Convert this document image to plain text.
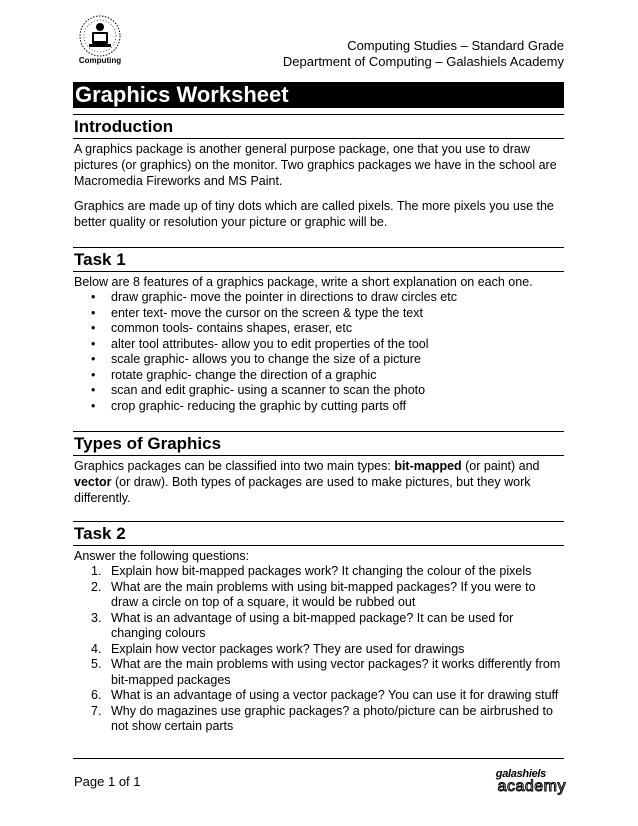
Computing
Computing Studies – Standard Grade
Department of Computing – Galashiels Academy
Graphics Worksheet
Introduction

A graphics package is another general purpose package, one that you use to draw pictures (or graphics) on the monitor. Two graphics packages we have in the school are Macromedia Fireworks and MS Paint.

Graphics are made up of tiny dots which are called pixels. The more pixels you use the better quality or resolution your picture or graphic will be.

Task 1
Below are 8 features of a graphics package, write a short explanation on each one.
• draw graphic- move the pointer in directions to draw circles etc
• enter text- move the cursor on the screen & type the text
• common tools- contains shapes, eraser, etc
• alter tool attributes- allow you to edit properties of the tool
• scale graphic- allows you to change the size of a picture
• rotate graphic- change the direction of a graphic
• scan and edit graphic- using a scanner to scan the photo
• crop graphic- reducing the graphic by cutting parts off
Types of Graphics

Graphics packages can be classified into two main types: bit-mapped (or paint) and vector (or draw). Both types of packages are used to make pictures, but they work differently.

Task 2
Answer the following questions:
1. Explain how bit-mapped packages work? It changing the colour of the pixels
2. What are the main problems with using bit-mapped packages? If you were to draw a circle on top of a square, it would be rubbed out
3. What is an advantage of using a bit-mapped package? It can be used for changing colours
4. Explain how vector packages work? They are used for drawings
5. What are the main problems with using vector packages? it works differently from bit-mapped packages
6. What is an advantage of using a vector package? You can use it for drawing stuff
7. Why do magazines use graphic packages? a photo/picture can be airbrushed to not show certain parts
Page 1 of 1	galashiels
academy
